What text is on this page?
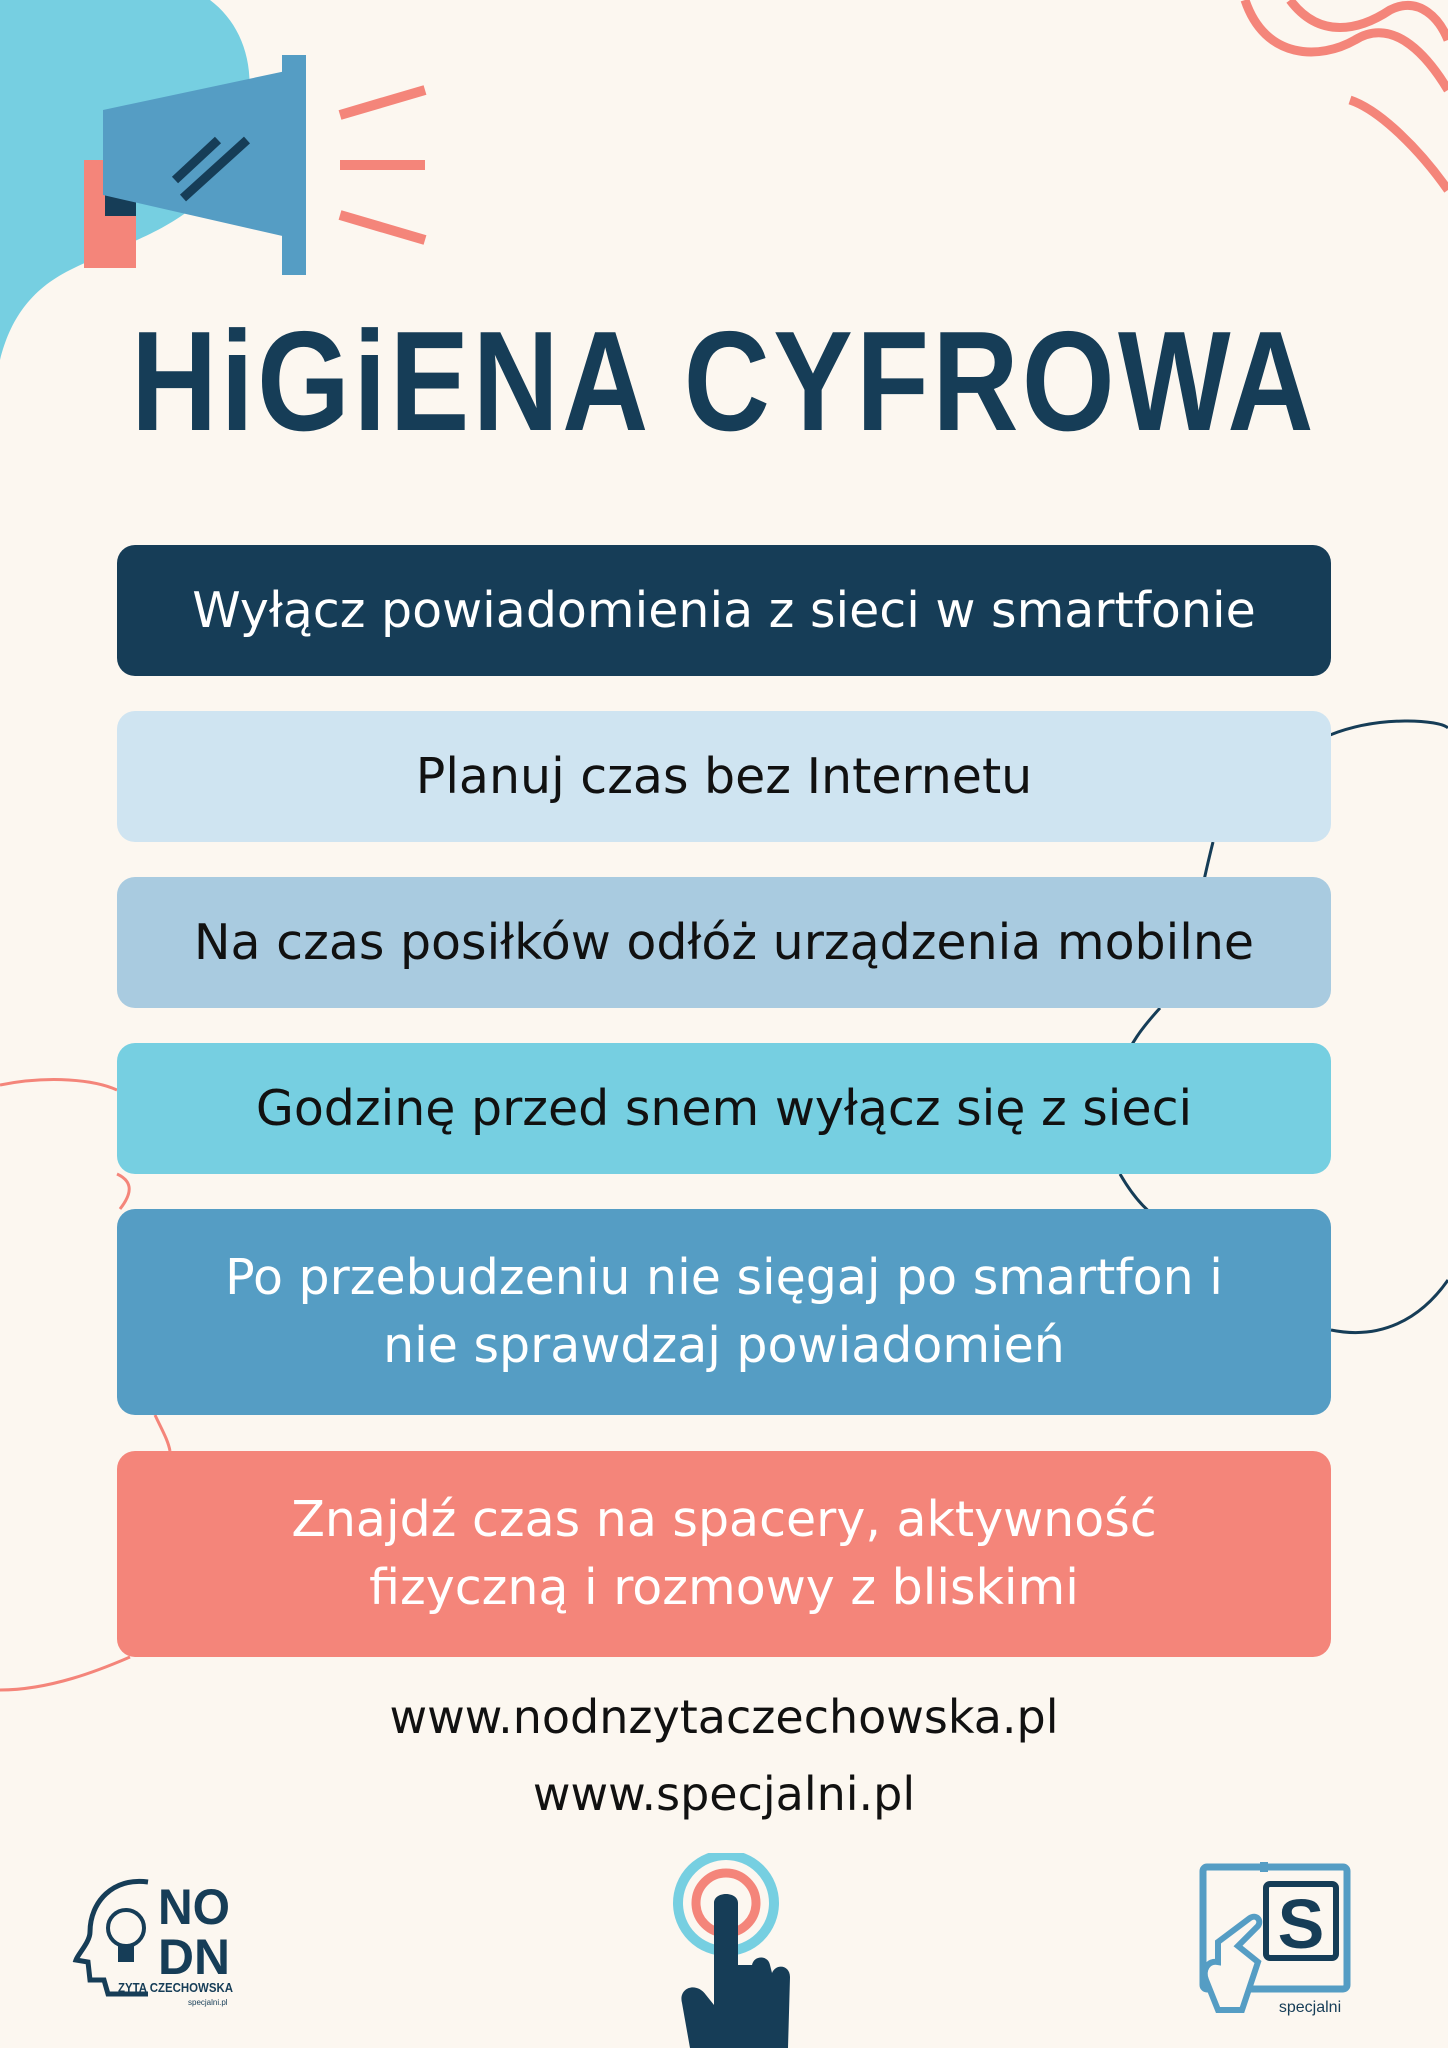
HiGiENA CYFROWA
Wyłącz powiadomienia z sieci w smartfonie
Planuj czas bez Internetu
Na czas posiłków odłóż urządzenia mobilne
Godzinę przed snem wyłącz się z sieci
Po przebudzeniu nie sięgaj po smartfon i
nie sprawdzaj powiadomień
Znajdź czas na spacery, aktywność
fizyczną i rozmowy z bliskimi
www.nodnzytaczechowska.pl
www.specjalni.pl
NO
DN
ZYTA CZECHOWSKA
specjalni.pl
S
specjalni
